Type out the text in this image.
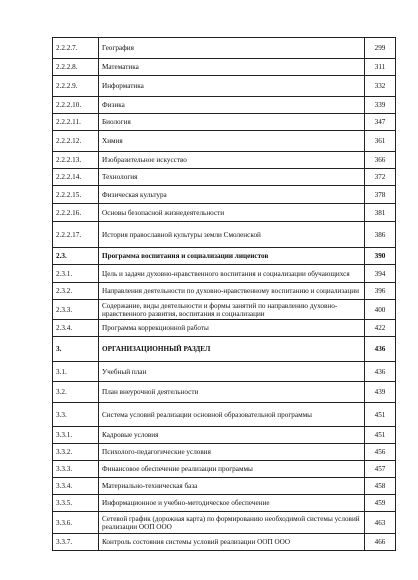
2.2.2.7.	География	299
2.2.2.8.	Математика	311
2.2.2.9.	Информатика	332
2.2.2.10.	Физика	339
2.2.2.11.	Биология	347
2.2.2.12.	Химия	361
2.2.2.13.	Изобразительное искусство	366
2.2.2.14.	Технология	372
2.2.2.15.	Физическая культура	378
2.2.2.16.	Основы безопасной жизнедеятельности	381
2.2.2.17.	История православной культуры земли Смоленской	386
2.3.	Программа воспитания и социализации лицеистов	390
2.3.1.	Цель и задачи духовно-нравственного воспитания и социализации обучающихся	394
2.3.2.	Направления деятельности по духовно-нравственному воспитанию и социализации	396
2.3.3.	Содержание, виды деятельности и формы занятий по направлению духовно-нравственного развития, воспитания и социализации	400
2.3.4.	Программа коррекционной работы	422
3.	ОРГАНИЗАЦИОННЫЙ РАЗДЕЛ	436
3.1.	Учебный план	436
3.2.	План внеурочной деятельности	439
3.3.	Система условий реализации основной образовательной программы	451
3.3.1.	Кадровые условия	451
3.3.2.	Психолого-педагогические условия	456
3.3.3.	Финансовое обеспечение реализации программы	457
3.3.4.	Материально-техническая база	458
3.3.5.	Информационное и учебно-методическое обеспечение	459
3.3.6.	Сетевой график (дорожная карта) по формированию необходимой системы условий реализации ООП ООО	463
3.3.7.	Контроль состояния системы условий реализации ООП ООО	466
